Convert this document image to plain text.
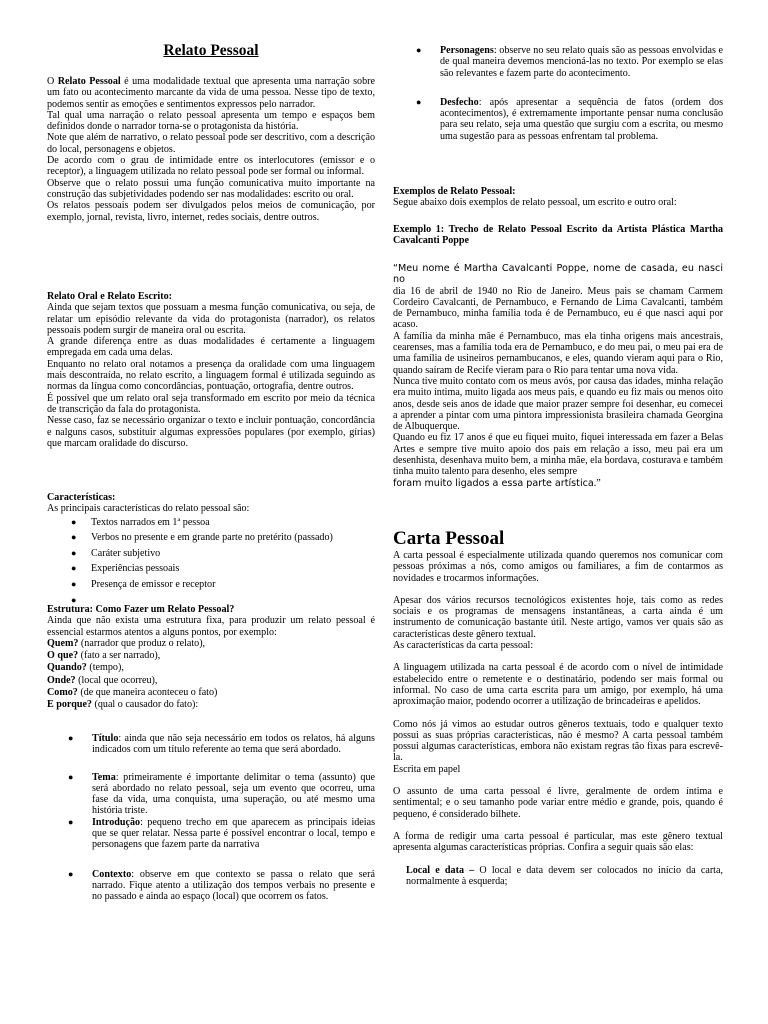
Relato Pessoal

O Relato Pessoal é uma modalidade textual que apresenta uma narração sobre um fato ou acontecimento marcante da vida de uma pessoa. Nesse tipo de texto, podemos sentir as emoções e sentimentos expressos pelo narrador.

Tal qual uma narração o relato pessoal apresenta um tempo e espaços bem definidos donde o narrador torna-se o protagonista da história.

Note que além de narrativo, o relato pessoal pode ser descritivo, com a descrição do local, personagens e objetos.

De acordo com o grau de intimidade entre os interlocutores (emissor e o receptor), a linguagem utilizada no relato pessoal pode ser formal ou informal.

Observe que o relato possui uma função comunicativa muito importante na construção das subjetividades podendo ser nas modalidades: escrito ou oral.

Os relatos pessoais podem ser divulgados pelos meios de comunicação, por exemplo, jornal, revista, livro, internet, redes sociais, dentre outros.

Relato Oral e Relato Escrito:

Ainda que sejam textos que possuam a mesma função comunicativa, ou seja, de relatar um episódio relevante da vida do protagonista (narrador), os relatos pessoais podem surgir de maneira oral ou escrita.

A grande diferença entre as duas modalidades é certamente a linguagem empregada em cada uma delas.

Enquanto no relato oral notamos a presença da oralidade com uma linguagem mais descontraída, no relato escrito, a linguagem formal é utilizada seguindo as normas da língua como concordâncias, pontuação, ortografia, dentre outros.

É possível que um relato oral seja transformado em escrito por meio da técnica de transcrição da fala do protagonista.

Nesse caso, faz se necessário organizar o texto e incluir pontuação, concordância e nalguns casos, substituir algumas expressões populares (por exemplo, gírias) que marcam oralidade do discurso.

Características:

As principais características do relato pessoal são:

● Textos narrados em 1ª pessoa
● Verbos no presente e em grande parte no pretérito (passado)
● Caráter subjetivo
● Experiências pessoais
● Presença de emissor e receptor
●

Estrutura: Como Fazer um Relato Pessoal?

Ainda que não exista uma estrutura fixa, para produzir um relato pessoal é essencial estarmos atentos a alguns pontos, por exemplo:

Quem? (narrador que produz o relato),
O que? (fato a ser narrado),
Quando? (tempo),
Onde? (local que ocorreu),
Como? (de que maneira aconteceu o fato)
E porque? (qual o causador do fato):
● Título: ainda que não seja necessário em todos os relatos, há alguns indicados com um título referente ao tema que será abordado.
● Tema: primeiramente é importante delimitar o tema (assunto) que será abordado no relato pessoal, seja um evento que ocorreu, uma fase da vida, uma conquista, uma superação, ou até mesmo uma história triste.
● Introdução: pequeno trecho em que aparecem as principais ideias que se quer relatar. Nessa parte é possível encontrar o local, tempo e personagens que fazem parte da narrativa
● Contexto: observe em que contexto se passa o relato que será narrado. Fique atento a utilização dos tempos verbais no presente e no passado e ainda ao espaço (local) que ocorrem os fatos.
● Personagens: observe no seu relato quais são as pessoas envolvidas e de qual maneira devemos mencioná-las no texto. Por exemplo se elas são relevantes e fazem parte do acontecimento.
● Desfecho: após apresentar a sequência de fatos (ordem dos acontecimentos), é extremamente importante pensar numa conclusão para seu relato, seja uma questão que surgiu com a escrita, ou mesmo uma sugestão para as pessoas enfrentam tal problema.

Exemplos de Relato Pessoal:

Segue abaixo dois exemplos de relato pessoal, um escrito e outro oral:

Exemplo 1: Trecho de Relato Pessoal Escrito da Artista Plástica Martha Cavalcanti Poppe

“Meu nome é Martha Cavalcanti Poppe, nome de casada, eu nasci no

dia 16 de abril de 1940 no Rio de Janeiro. Meus pais se chamam Carmem Cordeiro Cavalcanti, de Pernambuco, e Fernando de Lima Cavalcanti, também de Pernambuco, minha família toda é de Pernambuco, eu é que nasci aqui por acaso.

A família da minha mãe é Pernambuco, mas ela tinha origens mais ancestrais, cearenses, mas a família toda era de Pernambuco, e do meu pai, o meu pai era de uma família de usineiros pernambucanos, e eles, quando vieram aqui para o Rio, quando saíram de Recife vieram para o Rio para tentar uma nova vida.

Nunca tive muito contato com os meus avós, por causa das idades, minha relação era muito íntima, muito ligada aos meus pais, e quando eu fiz mais ou menos oito anos, desde seis anos de idade que maior prazer sempre foi desenhar, eu comecei a aprender a pintar com uma pintora impressionista brasileira chamada Georgina de Albuquerque.

Quando eu fiz 17 anos é que eu fiquei muito, fiquei interessada em fazer a Belas Artes e sempre tive muito apoio dos pais em relação a isso, meu pai era um desenhista, desenhava muito bem, a minha mãe, ela bordava, costurava e também tinha muito talento para desenho, eles sempre

foram muito ligados a essa parte artística.”

Carta Pessoal

A carta pessoal é especialmente utilizada quando queremos nos comunicar com pessoas próximas a nós, como amigos ou familiares, a fim de contarmos as novidades e trocarmos informações.

Apesar dos vários recursos tecnológicos existentes hoje, tais como as redes sociais e os programas de mensagens instantâneas, a carta ainda é um instrumento de comunicação bastante útil. Neste artigo, vamos ver quais são as características deste gênero textual.

As características da carta pessoal:

A linguagem utilizada na carta pessoal é de acordo com o nível de intimidade estabelecido entre o remetente e o destinatário, podendo ser mais formal ou informal. No caso de uma carta escrita para um amigo, por exemplo, há uma aproximação maior, podendo ocorrer a utilização de brincadeiras e apelidos.

Como nós já vimos ao estudar outros gêneros textuais, todo e qualquer texto possui as suas próprias características, não é mesmo? A carta pessoal também possui algumas características, embora não existam regras tão fixas para escrevê-la.

Escrita em papel

O assunto de uma carta pessoal é livre, geralmente de ordem íntima e sentimental; e o seu tamanho pode variar entre médio e grande, pois, quando é pequeno, é considerado bilhete.

A forma de redigir uma carta pessoal é particular, mas este gênero textual apresenta algumas características próprias. Confira a seguir quais são elas:

Local e data – O local e data devem ser colocados no início da carta, normalmente à esquerda;
